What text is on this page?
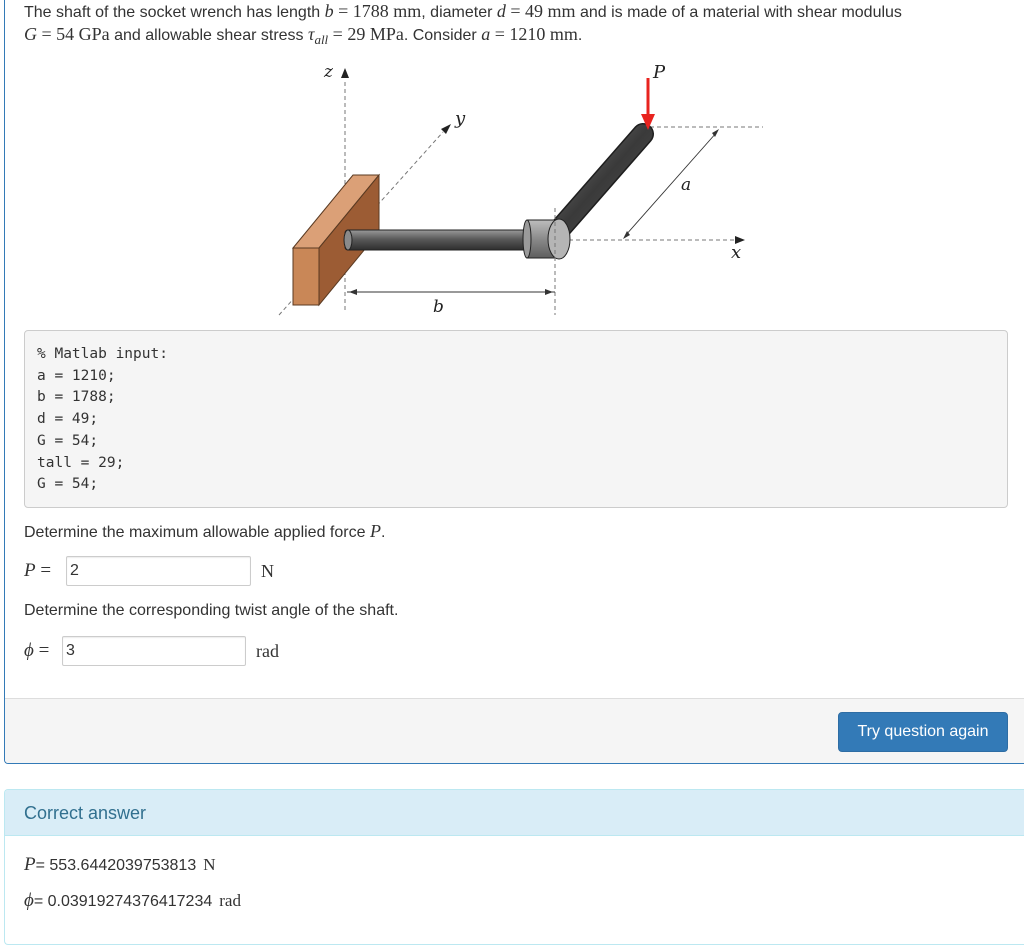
The shaft of the socket wrench has length b = 1788 mm, diameter d = 49 mm and is made of a material with shear modulus
G = 54 GPa and allowable shear stress $\tau_{all} = 29$ MPa. Consider a = 1210 mm.
z
y
x
P
a
b
% Matlab input:
a = 1210;
b = 1788;
d = 49;
G = 54;
tall = 29;
G = 54;
Determine the maximum allowable applied force P.
P =
2	N
Determine the corresponding twist angle of the shaft.
ϕ =
3	rad
Try question again
Correct answer
P = 553.6442039753813 N
ϕ = 0.03919274376417234 rad
